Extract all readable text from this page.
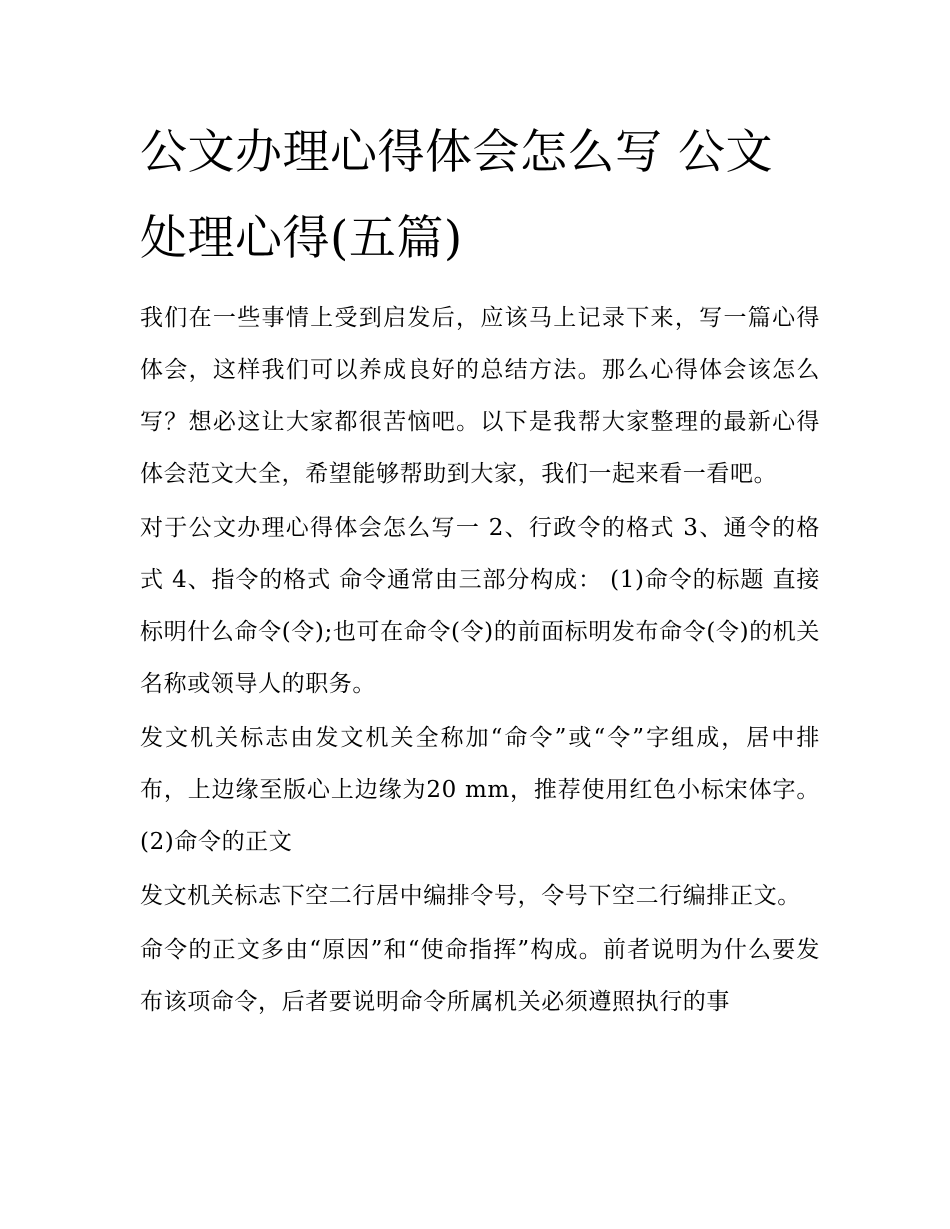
公文办理心得体会怎么写 公文处理心得(五篇)

我们在一些事情上受到启发后，应该马上记录下来，写一篇心得体会，这样我们可以养成良好的总结方法。那么心得体会该怎么写？想必这让大家都很苦恼吧。以下是我帮大家整理的最新心得体会范文大全，希望能够帮助到大家，我们一起来看一看吧。

对于公文办理心得体会怎么写一 2、行政令的格式 3、通令的格式 4、指令的格式 命令通常由三部分构成： (1)命令的标题 直接标明什么命令(令);也可在命令(令)的前面标明发布命令(令)的机关名称或领导人的职务。

发文机关标志由发文机关全称加“命令”或“令”字组成，居中排布，上边缘至版心上边缘为20 mm，推荐使用红色小标宋体字。 (2)命令的正文

发文机关标志下空二行居中编排令号，令号下空二行编排正文。

命令的正文多由“原因”和“使命指挥”构成。前者说明为什么要发布该项命令，后者要说明命令所属机关必须遵照执行的事
